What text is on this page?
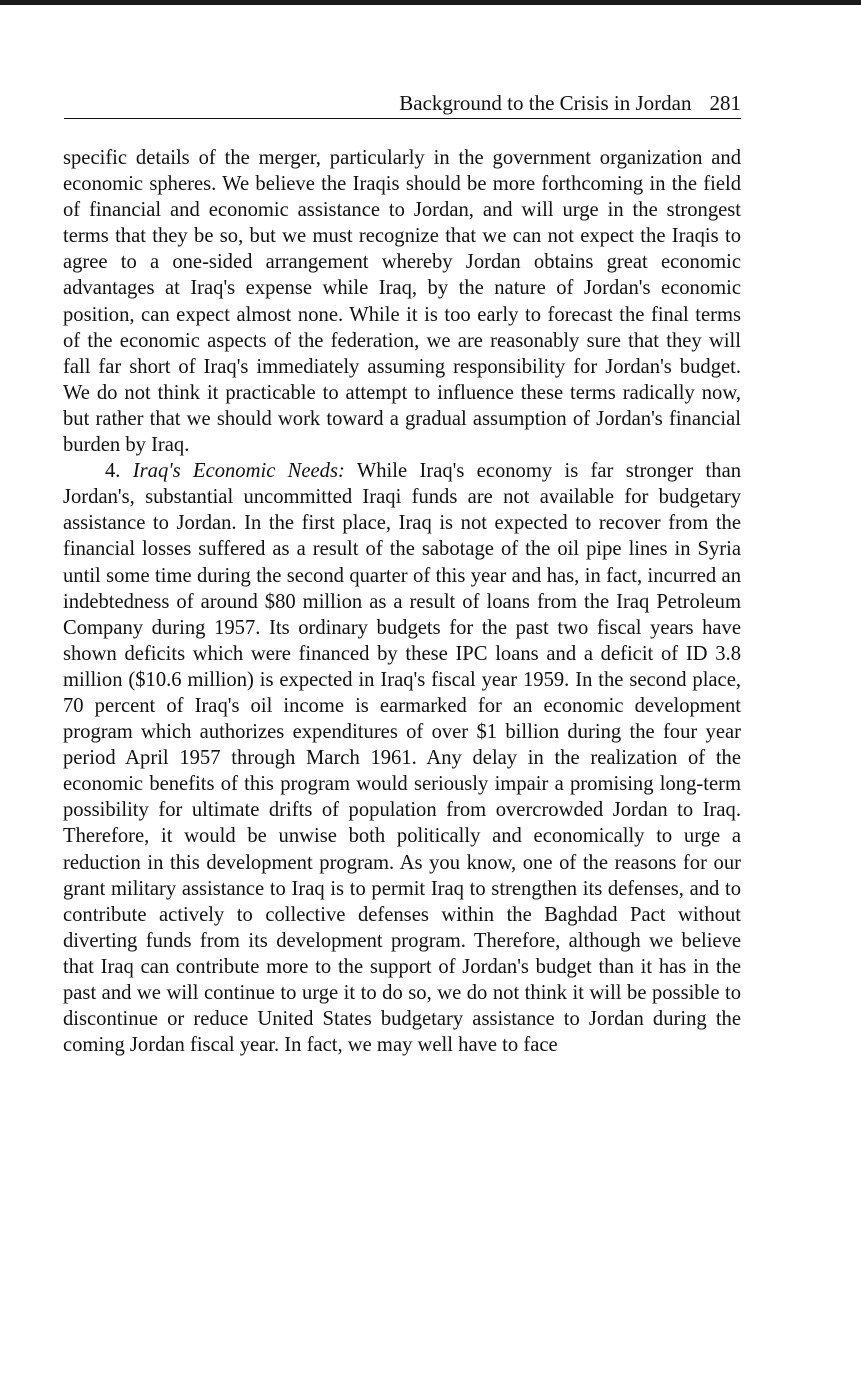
Background to the Crisis in Jordan 281

specific details of the merger, particularly in the government organization and economic spheres. We believe the Iraqis should be more forthcoming in the field of financial and economic assistance to Jordan, and will urge in the strongest terms that they be so, but we must recognize that we can not expect the Iraqis to agree to a one-sided arrangement whereby Jordan obtains great economic advantages at Iraq's expense while Iraq, by the nature of Jordan's economic position, can expect almost none. While it is too early to forecast the final terms of the economic aspects of the federation, we are reasonably sure that they will fall far short of Iraq's immediately assuming responsibility for Jordan's budget. We do not think it practicable to attempt to influence these terms radically now, but rather that we should work toward a gradual assumption of Jordan's financial burden by Iraq.

4. Iraq's Economic Needs: While Iraq's economy is far stronger than Jordan's, substantial uncommitted Iraqi funds are not available for budgetary assistance to Jordan. In the first place, Iraq is not expected to recover from the financial losses suffered as a result of the sabotage of the oil pipe lines in Syria until some time during the second quarter of this year and has, in fact, incurred an indebtedness of around $80 million as a result of loans from the Iraq Petroleum Company during 1957. Its ordinary budgets for the past two fiscal years have shown deficits which were financed by these IPC loans and a deficit of ID 3.8 million ($10.6 million) is expected in Iraq's fiscal year 1959. In the second place, 70 percent of Iraq's oil income is earmarked for an economic development program which authorizes expenditures of over $1 billion during the four year period April 1957 through March 1961. Any delay in the realization of the economic benefits of this program would seriously impair a promising long-term possibility for ultimate drifts of population from overcrowded Jordan to Iraq. Therefore, it would be unwise both politically and economically to urge a reduction in this development program. As you know, one of the reasons for our grant military assistance to Iraq is to permit Iraq to strengthen its defenses, and to contribute actively to collective defenses within the Baghdad Pact without diverting funds from its development program. Therefore, although we believe that Iraq can contribute more to the support of Jordan's budget than it has in the past and we will continue to urge it to do so, we do not think it will be possible to discontinue or reduce United States budgetary assistance to Jordan during the coming Jordan fiscal year. In fact, we may well have to face
